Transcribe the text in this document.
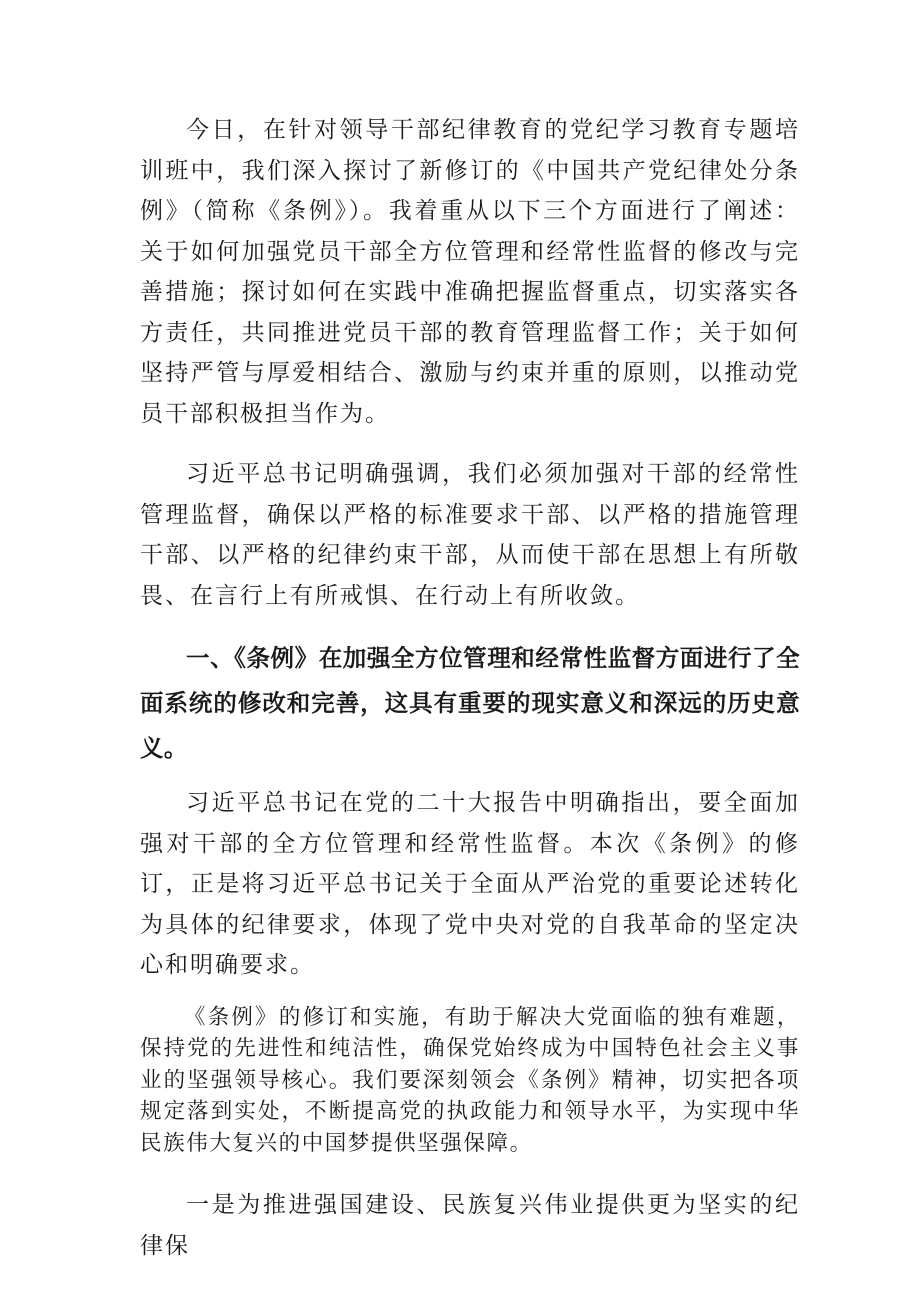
今日，在针对领导干部纪律教育的党纪学习教育专题培训班中，我们深入探讨了新修订的《中国共产党纪律处分条例》（简称《条例》）。我着重从以下三个方面进行了阐述：关于如何加强党员干部全方位管理和经常性监督的修改与完善措施；探讨如何在实践中准确把握监督重点，切实落实各方责任，共同推进党员干部的教育管理监督工作；关于如何坚持严管与厚爱相结合、激励与约束并重的原则，以推动党员干部积极担当作为。

习近平总书记明确强调，我们必须加强对干部的经常性管理监督，确保以严格的标准要求干部、以严格的措施管理干部、以严格的纪律约束干部，从而使干部在思想上有所敬畏、在言行上有所戒惧、在行动上有所收敛。

一、《条例》在加强全方位管理和经常性监督方面进行了全面系统的修改和完善，这具有重要的现实意义和深远的历史意义。

习近平总书记在党的二十大报告中明确指出，要全面加强对干部的全方位管理和经常性监督。本次《条例》的修订，正是将习近平总书记关于全面从严治党的重要论述转化为具体的纪律要求，体现了党中央对党的自我革命的坚定决心和明确要求。

《条例》的修订和实施，有助于解决大党面临的独有难题，保持党的先进性和纯洁性，确保党始终成为中国特色社会主义事业的坚强领导核心。我们要深刻领会《条例》精神，切实把各项规定落到实处，不断提高党的执政能力和领导水平，为实现中华民族伟大复兴的中国梦提供坚强保障。

一是为推进强国建设、民族复兴伟业提供更为坚实的纪律保
